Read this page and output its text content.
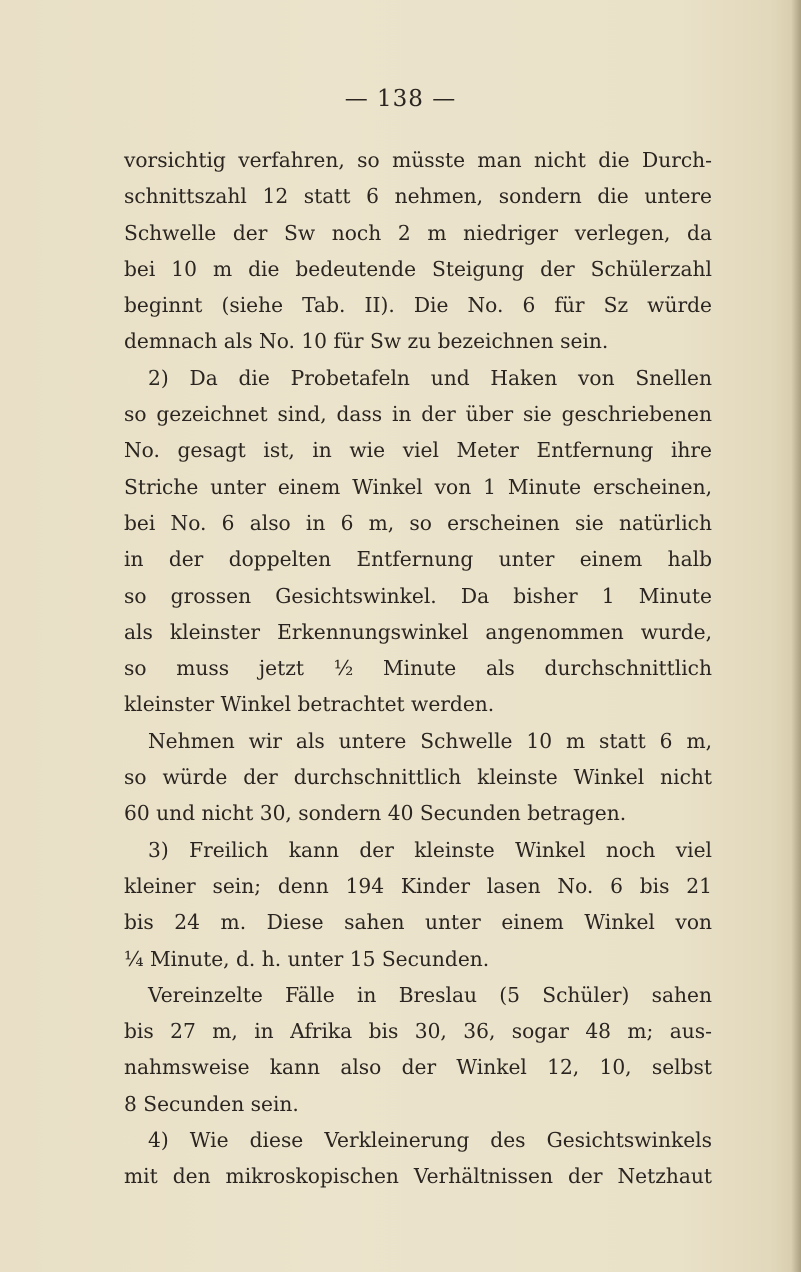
— 138 —
vorsichtig verfahren, so müsste man nicht die Durch-
schnittszahl 12 statt 6 nehmen, sondern die untere
Schwelle der Sw noch 2 m niedriger verlegen, da
bei 10 m die bedeutende Steigung der Schülerzahl
beginnt (siehe Tab. II). Die No. 6 für Sz würde
demnach als No. 10 für Sw zu bezeichnen sein.
2) Da die Probetafeln und Haken von Snellen
so gezeichnet sind, dass in der über sie geschriebenen
No. gesagt ist, in wie viel Meter Entfernung ihre
Striche unter einem Winkel von 1 Minute erscheinen,
bei No. 6 also in 6 m, so erscheinen sie natürlich
in der doppelten Entfernung unter einem halb
so grossen Gesichtswinkel. Da bisher 1 Minute
als kleinster Erkennungswinkel angenommen wurde,
so muss jetzt ½ Minute als durchschnittlich
kleinster Winkel betrachtet werden.
Nehmen wir als untere Schwelle 10 m statt 6 m,
so würde der durchschnittlich kleinste Winkel nicht
60 und nicht 30, sondern 40 Secunden betragen.
3) Freilich kann der kleinste Winkel noch viel
kleiner sein; denn 194 Kinder lasen No. 6 bis 21
bis 24 m. Diese sahen unter einem Winkel von
¼ Minute, d. h. unter 15 Secunden.
Vereinzelte Fälle in Breslau (5 Schüler) sahen
bis 27 m, in Afrika bis 30, 36, sogar 48 m; aus-
nahmsweise kann also der Winkel 12, 10, selbst
8 Secunden sein.
4) Wie diese Verkleinerung des Gesichtswinkels
mit den mikroskopischen Verhältnissen der Netzhaut
